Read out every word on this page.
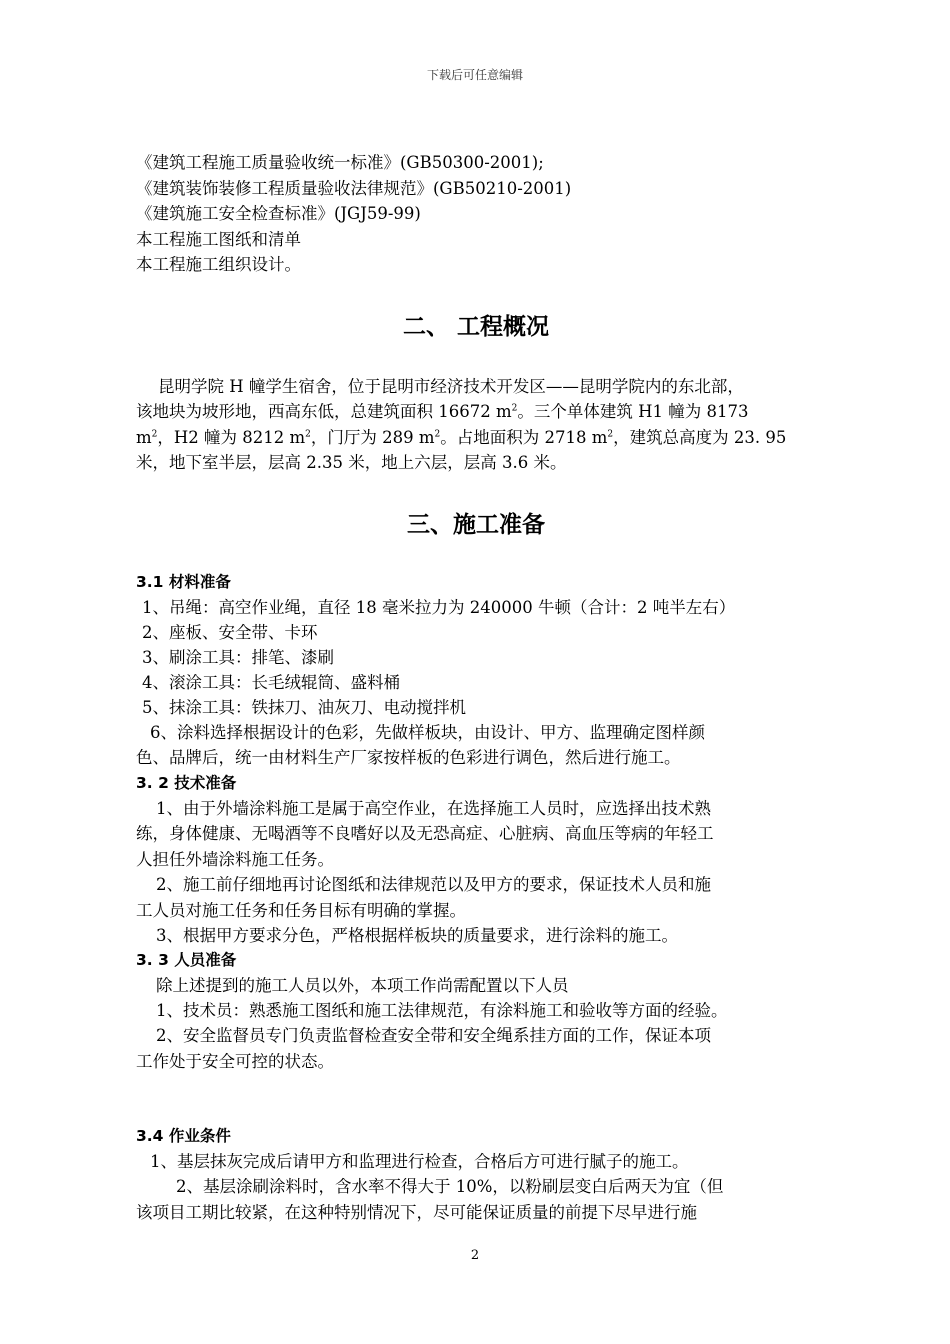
下载后可任意编辑
《建筑工程施工质量验收统一标准》(GB50300-2001);
《建筑装饰装修工程质量验收法律规范》(GB50210-2001)
《建筑施工安全检查标准》(JGJ59-99)
本工程施工图纸和清单
本工程施工组织设计。
二、 工程概况

昆明学院 H 幢学生宿舍，位于昆明市经济技术开发区——昆明学院内的东北部，

该地块为坡形地，西高东低，总建筑面积 16672 $m^2$。三个单体建筑 H1 幢为 8173

$m^2$，H2 幢为 8212 $m^2$，门厅为 289 $m^2$。占地面积为 2718 $m^2$，建筑总高度为 23. 95

米，地下室半层，层高 2.35 米，地上六层，层高 3.6 米。

三、施工准备
3.1 材料准备
1、吊绳：高空作业绳，直径 18 毫米拉力为 240000 牛顿（合计：2 吨半左右）
2、座板、安全带、卡环
3、刷涂工具：排笔、漆刷
4、滚涂工具：长毛绒辊筒、盛料桶
5、抹涂工具：铁抹刀、油灰刀、电动搅拌机

6、涂料选择根据设计的色彩，先做样板块，由设计、甲方、监理确定图样颜

色、品牌后，统一由材料生产厂家按样板的色彩进行调色，然后进行施工。

3. 2 技术准备

1、由于外墙涂料施工是属于高空作业，在选择施工人员时，应选择出技术熟

练，身体健康、无喝酒等不良嗜好以及无恐高症、心脏病、高血压等病的年轻工

人担任外墙涂料施工任务。

2、施工前仔细地再讨论图纸和法律规范以及甲方的要求，保证技术人员和施

工人员对施工任务和任务目标有明确的掌握。

3、根据甲方要求分色，严格根据样板块的质量要求，进行涂料的施工。
3. 3 人员准备
除上述提到的施工人员以外，本项工作尚需配置以下人员
1、技术员：熟悉施工图纸和施工法律规范，有涂料施工和验收等方面的经验。

2、安全监督员专门负责监督检查安全带和安全绳系挂方面的工作，保证本项

工作处于安全可控的状态。

3.4 作业条件
1、基层抹灰完成后请甲方和监理进行检查，合格后方可进行腻子的施工。

2、基层涂刷涂料时，含水率不得大于 10%，以粉刷层变白后两天为宜（但

该项目工期比较紧，在这种特别情况下，尽可能保证质量的前提下尽早进行施

2
